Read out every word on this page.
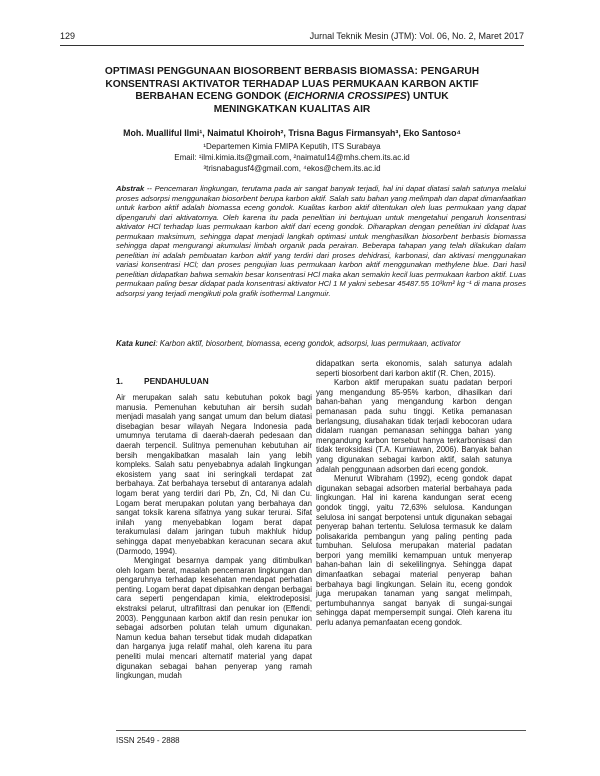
129	Jurnal Teknik Mesin (JTM): Vol. 06, No. 2, Maret 2017
OPTIMASI PENGGUNAAN BIOSORBENT BERBASIS BIOMASSA: PENGARUH
KONSENTRASI AKTIVATOR TERHADAP LUAS PERMUKAAN KARBON AKTIF
BERBAHAN ECENG GONDOK (EICHORNIA CROSSIPES) UNTUK
MENINGKATKAN KUALITAS AIR
Moh. Mualliful Ilmi¹, Naimatul Khoiroh², Trisna Bagus Firmansyah³, Eko Santoso⁴
¹Departemen Kimia FMIPA Keputih, ITS Surabaya
Email: ¹ilmi.kimia.its@gmail.com, ²naimatul14@mhs.chem.its.ac.id
³trisnabagusf4@gmail.com, ⁴ekos@chem.its.ac.id
Abstrak -- Pencemaran lingkungan, terutama pada air sangat banyak terjadi, hal ini dapat diatasi salah satunya melalui proses adsorpsi menggunakan biosorbent berupa karbon aktif. Salah satu bahan yang melimpah dan dapat dimanfaatkan untuk karbon aktif adalah biomassa eceng gondok. Kualitas karbon aktif ditentukan oleh luas permukaan yang dapat dipengaruhi dari aktivatornya. Oleh karena itu pada penelitian ini bertujuan untuk mengetahui pengaruh konsentrasi aktivator HCl terhadap luas permukaan karbon aktif dari eceng gondok. Diharapkan dengan penelitian ini didapat luas permukaan maksimum, sehingga dapat menjadi langkah optimasi untuk menghasilkan biosorbent berbasis biomassa sehingga dapat mengurangi akumulasi limbah organik pada perairan. Beberapa tahapan yang telah dilakukan dalam penelitian ini adalah pembuatan karbon aktif yang terdiri dari proses dehidrasi, karbonasi, dan aktivasi menggunakan variasi konsentrasi HCl; dan proses pengujian luas permukaan karbon aktif menggunakan methylene blue. Dari hasil penelitian didapatkan bahwa semakin besar konsentrasi HCl maka akan semakin kecil luas permukaan karbon aktif. Luas permukaan paling besar didapat pada konsentrasi aktivator HCl 1 M yakni sebesar 45487.55 10³km² kg⁻¹ di mana proses adsorpsi yang terjadi mengikuti pola grafik isothermal Langmuir.
Kata kunci: Karbon aktif, biosorbent, biomassa, eceng gondok, adsorpsi, luas permukaan, activator
1.	PENDAHULUAN

Air merupakan salah satu kebutuhan pokok bagi manusia. Pemenuhan kebutuhan air bersih sudah menjadi masalah yang sangat umum dan belum diatasi disebagian besar wilayah Negara Indonesia pada umumnya terutama di daerah-daerah pedesaan dan daerah terpencil. Sulitnya pemenuhan kebutuhan air bersih mengakibatkan masalah lain yang lebih kompleks. Salah satu penyebabnya adalah lingkungan ekosistem yang saat ini seringkali terdapat zat berbahaya. Zat berbahaya tersebut di antaranya adalah logam berat yang terdiri dari Pb, Zn, Cd, Ni dan Cu. Logam berat merupakan polutan yang berbahaya dan sangat toksik karena sifatnya yang sukar terurai. Sifat inilah yang menyebabkan logam berat dapat terakumulasi dalam jaringan tubuh makhluk hidup sehingga dapat menyebabkan keracunan secara akut (Darmodo, 1994).

Mengingat besarnya dampak yang ditimbulkan oleh logam berat, masalah pencemaran lingkungan dan pengaruhnya terhadap kesehatan mendapat perhatian penting. Logam berat dapat dipisahkan dengan berbagai cara seperti pengendapan kimia, elektrodeposisi, ekstraksi pelarut, ultrafiltrasi dan penukar ion (Effendi, 2003). Penggunaan karbon aktif dan resin penukar ion sebagai adsorben polutan telah umum digunakan. Namun kedua bahan tersebut tidak mudah didapatkan dan harganya juga relatif mahal, oleh karena itu para peneliti mulai mencari alternatif material yang dapat digunakan sebagai bahan penyerap yang ramah lingkungan, mudah

didapatkan serta ekonomis, salah satunya adalah seperti biosorbent dari karbon aktif (R. Chen, 2015).

Karbon aktif merupakan suatu padatan berpori yang mengandung 85-95% karbon, dihasilkan dari bahan-bahan yang mengandung karbon dengan pemanasan pada suhu tinggi. Ketika pemanasan berlangsung, diusahakan tidak terjadi kebocoran udara didalam ruangan pemanasan sehingga bahan yang mengandung karbon tersebut hanya terkarbonisasi dan tidak teroksidasi (T.A. Kurniawan, 2006). Banyak bahan yang digunakan sebagai karbon aktif, salah satunya adalah penggunaan adsorben dari eceng gondok.

Menurut Wibraham (1992), eceng gondok dapat digunakan sebagai adsorben material berbahaya pada lingkungan. Hal ini karena kandungan serat eceng gondok tinggi, yaitu 72,63% selulosa. Kandungan selulosa ini sangat berpotensi untuk digunakan sebagai penyerap bahan tertentu. Selulosa termasuk ke dalam polisakarida pembangun yang paling penting pada tumbuhan. Selulosa merupakan material padatan berpori yang memiliki kemampuan untuk menyerap bahan-bahan lain di sekelilingnya. Sehingga dapat dimanfaatkan sebagai material penyerap bahan berbahaya bagi lingkungan. Selain itu, eceng gondok juga merupakan tanaman yang sangat melimpah, pertumbuhannya sangat banyak di sungai-sungai sehingga dapat mempersempit sungai. Oleh karena itu perlu adanya pemanfaatan eceng gondok.

ISSN 2549 - 2888
